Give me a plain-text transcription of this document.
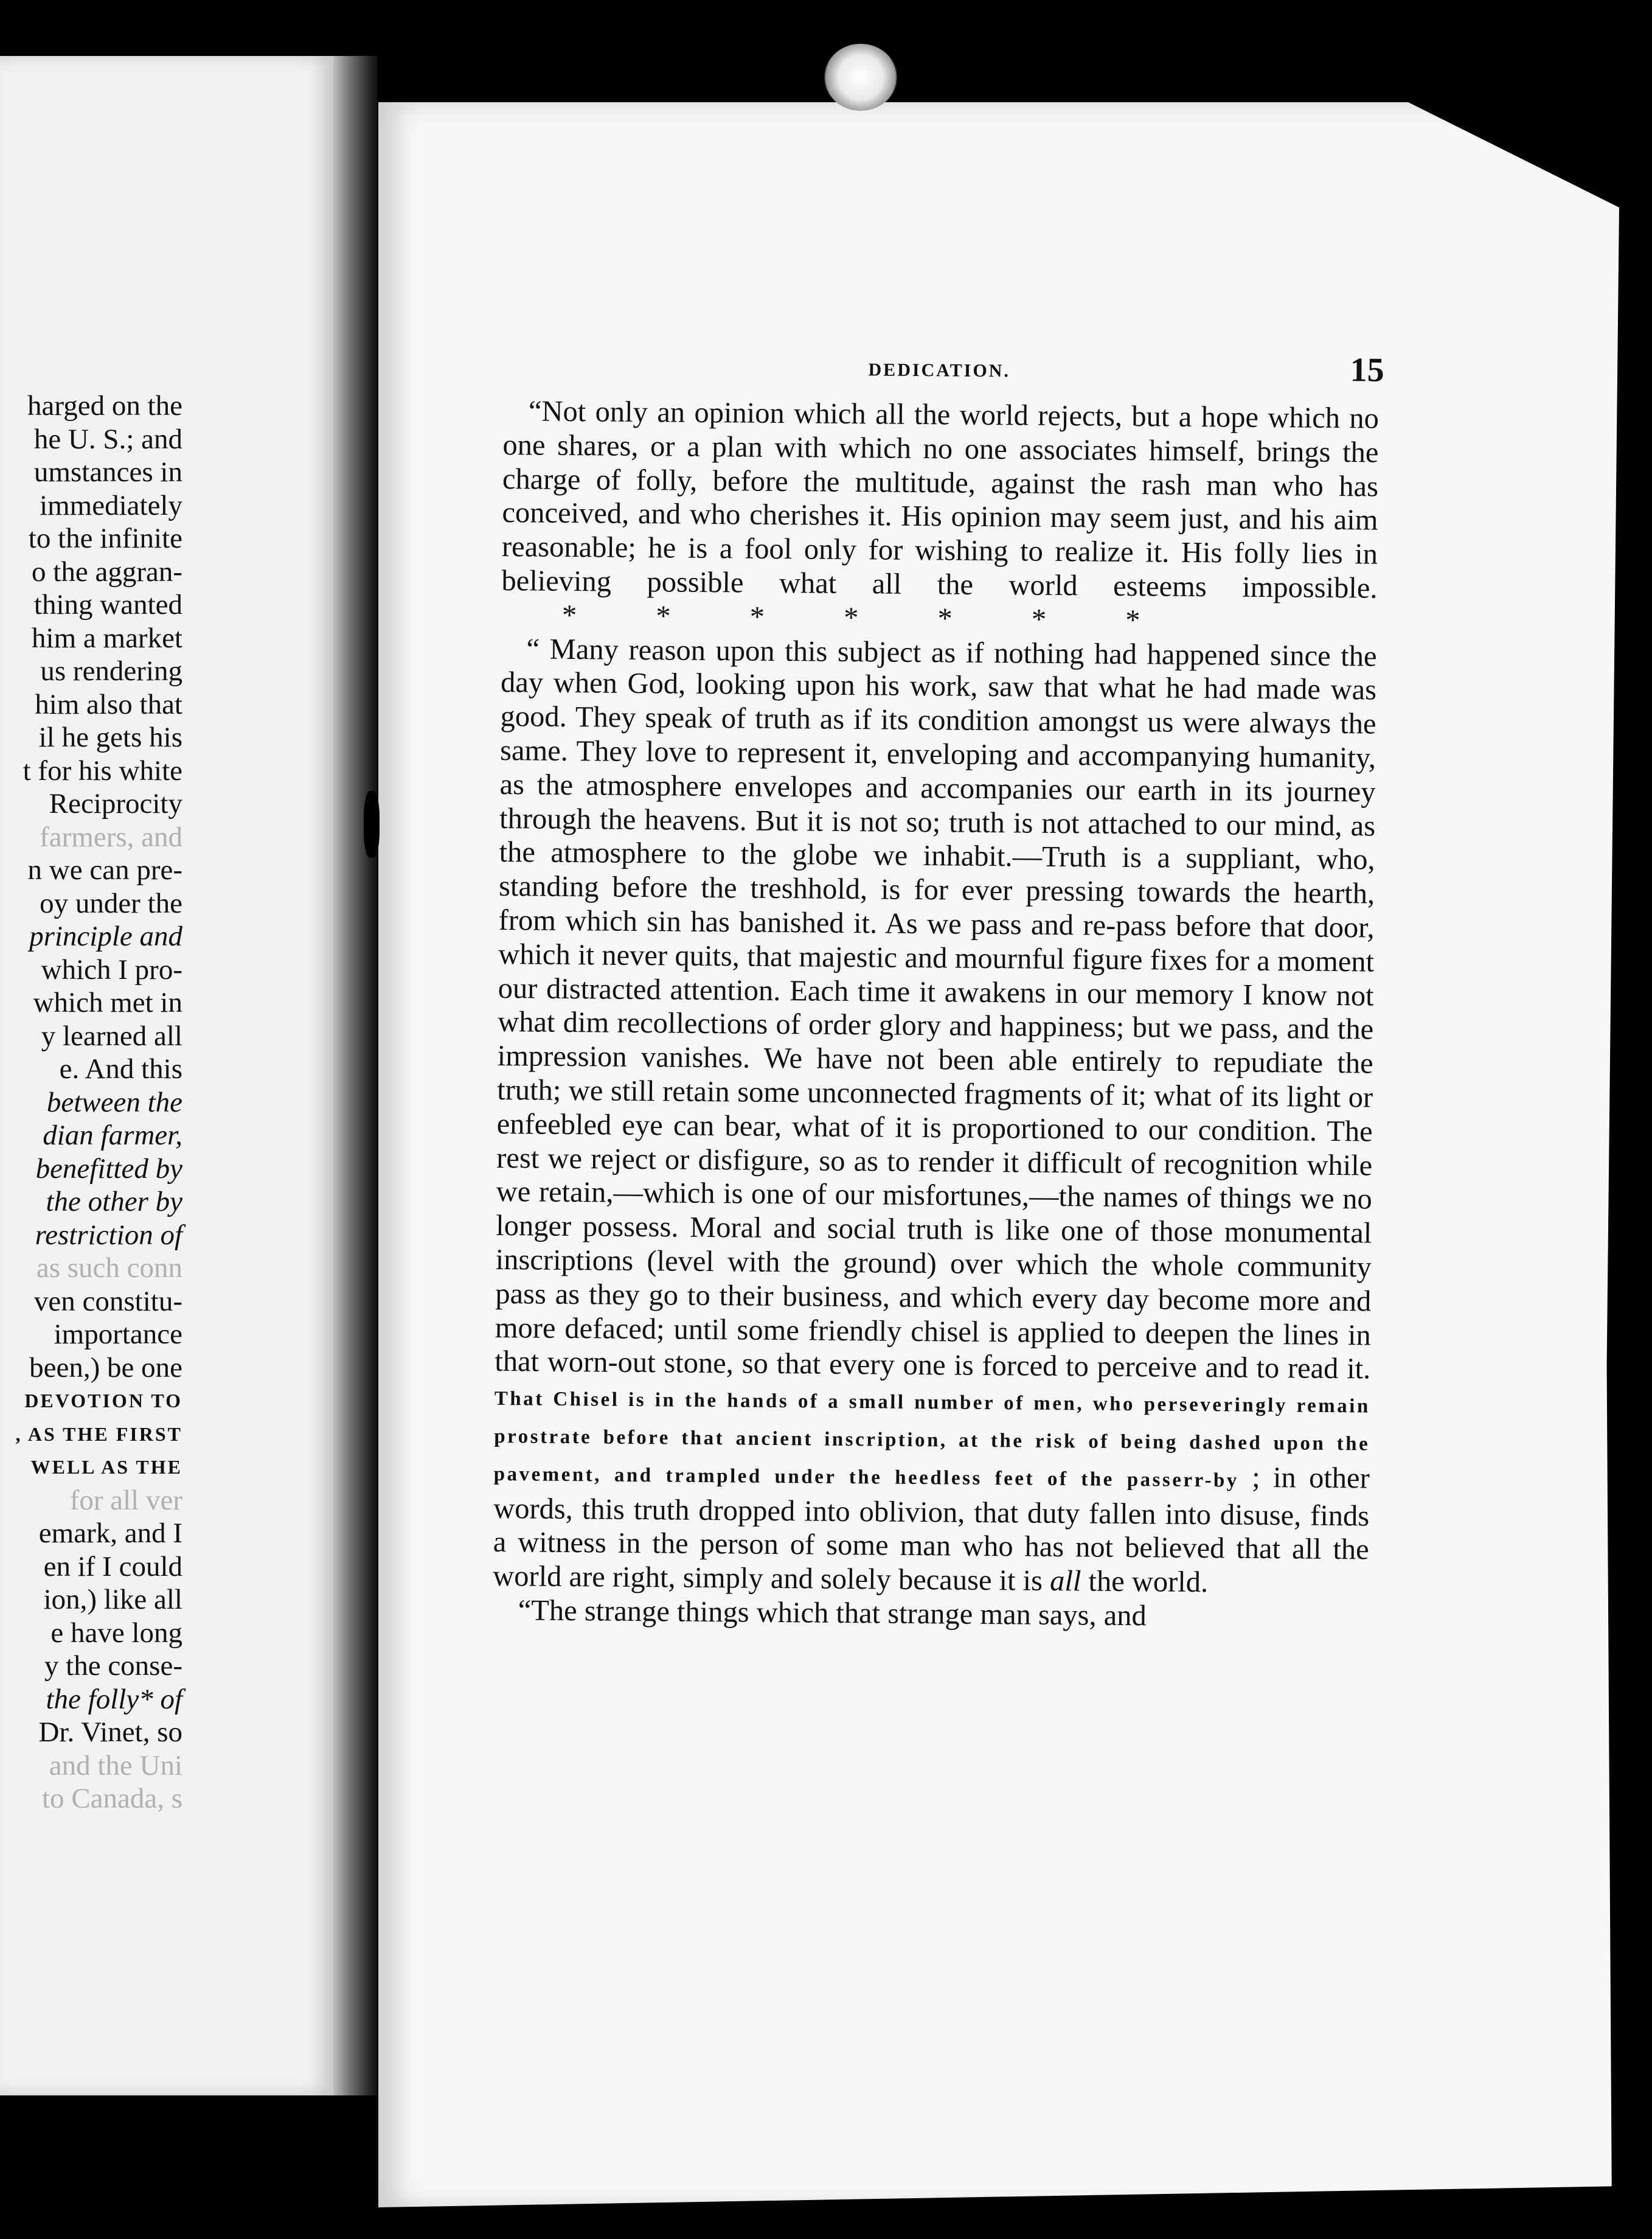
harged on the
he U. S.; and
umstances in
immediately
to the infinite
o the aggran-
thing wanted
him a market
us rendering
him also that
il he gets his
t for his white
Reciprocity
farmers, and
n we can pre-
oy under the
principle and
which I pro-
which met in
y learned all
e. And this
between the
dian farmer,
benefitted by
the other by
restriction of
as such conn
ven constitu-
importance
been,) be one
DEVOTION TO
, AS THE FIRST
WELL AS THE
for all ver
emark, and I
en if I could
ion,) like all
e have long
y the conse-
the folly* of
Dr. Vinet, so
and the Uni
to Canada, s
DEDICATION.	15

“Not only an opinion which all the world rejects, but a hope which no one shares, or a plan with which no one associates himself, brings the charge of folly, before the multitude, against the rash man who has conceived, and who cherishes it. His opinion may seem just, and his aim reasonable; he is a fool only for wishing to realize it. His folly lies in believing possible what all the world esteems impossible. * * * * * * *

“ Many reason upon this subject as if nothing had happened since the day when God, looking upon his work, saw that what he had made was good. They speak of truth as if its condition amongst us were always the same. They love to represent it, enveloping and accompanying humanity, as the atmosphere envelopes and accompanies our earth in its journey through the heavens. But it is not so; truth is not attached to our mind, as the atmosphere to the globe we inhabit.—Truth is a suppliant, who, standing before the treshhold, is for ever pressing towards the hearth, from which sin has banished it. As we pass and re-pass before that door, which it never quits, that majestic and mournful figure fixes for a moment our distracted attention. Each time it awakens in our memory I know not what dim recollections of order glory and happiness; but we pass, and the impression vanishes. We have not been able entirely to repudiate the truth; we still retain some unconnected fragments of it; what of its light or enfeebled eye can bear, what of it is proportioned to our condition. The rest we reject or disfigure, so as to render it difficult of recognition while we retain,—which is one of our misfortunes,—the names of things we no longer possess. Moral and social truth is like one of those monumental inscriptions (level with the ground) over which the whole community pass as they go to their business, and which every day become more and more defaced; until some friendly chisel is applied to deepen the lines in that worn-out stone, so that every one is forced to perceive and to read it. That Chisel is in the hands of a small number of men, who perseveringly remain prostrate before that ancient inscription, at the risk of being dashed upon the pavement, and trampled under the heedless feet of the passerr-by ; in other words, this truth dropped into oblivion, that duty fallen into disuse, finds a witness in the person of some man who has not believed that all the world are right, simply and solely because it is all the world.

“The strange things which that strange man says, and
